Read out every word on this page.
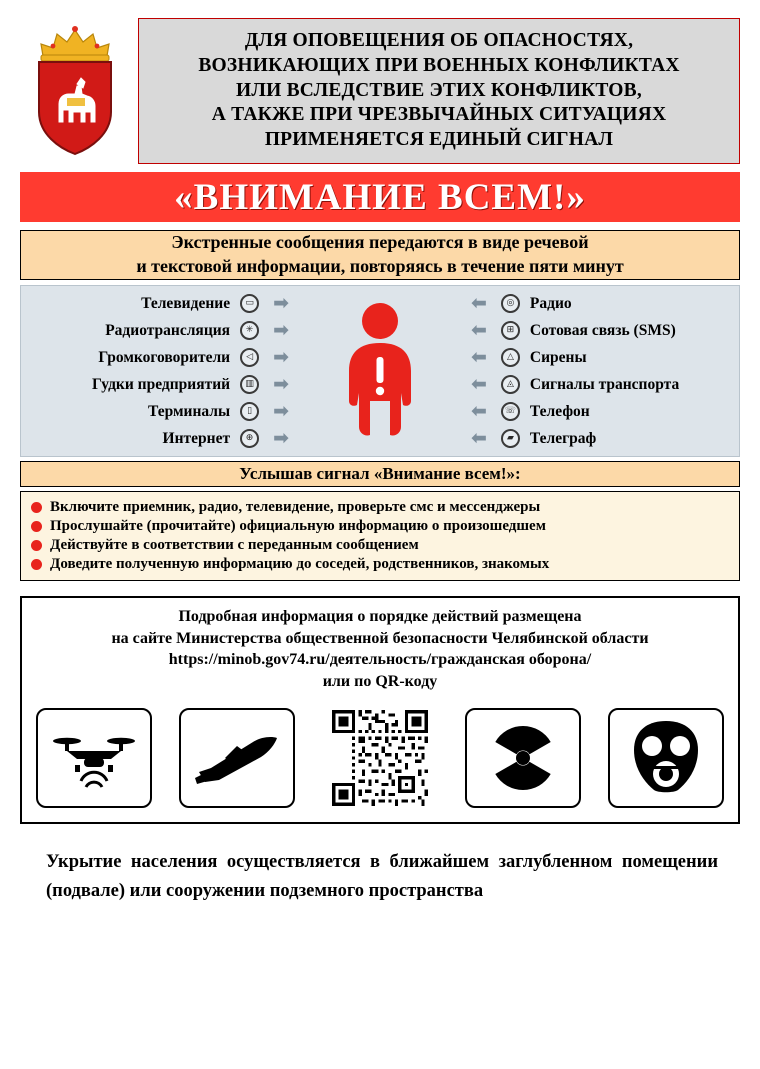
ДЛЯ ОПОВЕЩЕНИЯ ОБ ОПАСНОСТЯХ,
ВОЗНИКАЮЩИХ ПРИ ВОЕННЫХ КОНФЛИКТАХ
ИЛИ ВСЛЕДСТВИЕ ЭТИХ КОНФЛИКТОВ,
А ТАКЖЕ ПРИ ЧРЕЗВЫЧАЙНЫХ СИТУАЦИЯХ
ПРИМЕНЯЕТСЯ ЕДИНЫЙ СИГНАЛ
«ВНИМАНИЕ ВСЕМ!»
Экстренные сообщения передаются в виде речевой
и текстовой информации, повторяясь в течение пяти минут
Телевидение	▭ ➡
Радиотрансляция	✳	➡
Громкоговорители	◁	➡
Гудки предприятий	▥ ➡
Терминалы	▯	➡
Интернет	⊕	➡
⬅	◎	Радио
⬅	⊞	Сотовая связь (SMS)
⬅	△	Сирены
⬅	◬	Сигналы транспорта
⬅	☏ Телефон
⬅	▰	Телеграф
Услышав сигнал «Внимание всем!»:
Включите приемник, радио, телевидение, проверьте смс и мессенджеры
Прослушайте (прочитайте) официальную информацию о произошедшем
Действуйте в соответствии с переданным сообщением
Доведите полученную информацию до соседей, родственников, знакомых
Подробная информация о порядке действий размещена
на сайте Министерства общественной безопасности Челябинской области
https://minob.gov74.ru/деятельность/гражданская оборона/
или по QR-коду

Укрытие населения осуществляется в ближайшем заглубленном помещении (подвале) или сооружении подземного пространства
